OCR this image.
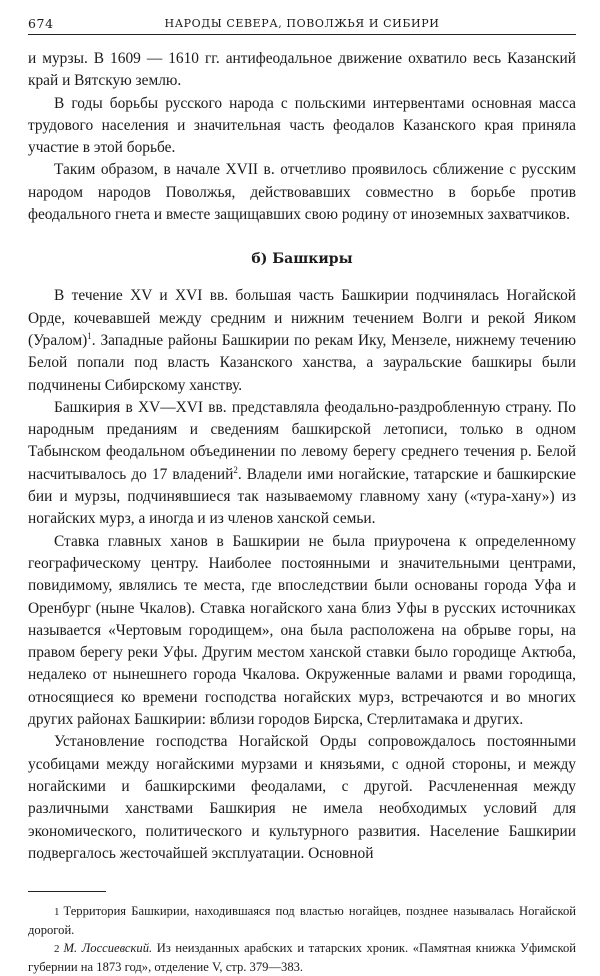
674	НАРОДЫ СЕВЕРА, ПОВОЛЖЬЯ И СИБИРИ

и мурзы. В 1609 — 1610 гг. антифеодальное движение охватило весь Казанский край и Вятскую землю.

В годы борьбы русского народа с польскими интервентами основная масса трудового населения и значительная часть феодалов Казанского края приняла участие в этой борьбе.

Таким образом, в начале XVII в. отчетливо проявилось сближение с русским народом народов Поволжья, действовавших совместно в борьбе против феодального гнета и вместе защищавших свою родину от иноземных захватчиков.

б) Башкиры

В течение XV и XVI вв. большая часть Башкирии подчинялась Ногайской Орде, кочевавшей между средним и нижним течением Волги и рекой Яиком (Уралом)$^1$. Западные районы Башкирии по рекам Ику, Мензеле, нижнему течению Белой попали под власть Казанского ханства, а зауральские башкиры были подчинены Сибирскому ханству.

Башкирия в XV—XVI вв. представляла феодально-раздробленную страну. По народным преданиям и сведениям башкирской летописи, только в одном Табынском феодальном объединении по левому берегу среднего течения р. Белой насчитывалось до 17 владений$^2$. Владели ими ногайские, татарские и башкирские бии и мурзы, подчинявшиеся так называемому главному хану («тура-хану») из ногайских мурз, а иногда и из членов ханской семьи.

Ставка главных ханов в Башкирии не была приурочена к определенному географическому центру. Наиболее постоянными и значительными центрами, повидимому, являлись те места, где впоследствии были основаны города Уфа и Оренбург (ныне Чкалов). Ставка ногайского хана близ Уфы в русских источниках называется «Чертовым городищем», она была расположена на обрыве горы, на правом берегу реки Уфы. Другим местом ханской ставки было городище Актюба, недалеко от нынешнего города Чкалова. Окруженные валами и рвами городища, относящиеся ко времени господства ногайских мурз, встречаются и во многих других районах Башкирии: вблизи городов Бирска, Стерлитамака и других.

Установление господства Ногайской Орды сопровождалось постоянными усобицами между ногайскими мурзами и князьями, с одной стороны, и между ногайскими и башкирскими феодалами, с другой. Расчлененная между различными ханствами Башкирия не имела необходимых условий для экономического, политического и культурного развития. Население Башкирии подвергалось жесточайшей эксплуатации. Основной

1 Территория Башкирии, находившаяся под властью ногайцев, позднее называлась Ногайской дорогой.

2 М. Лоссиевский. Из неизданных арабских и татарских хроник. «Памятная книжка Уфимской губернии на 1873 год», отделение V, стр. 379—383.
